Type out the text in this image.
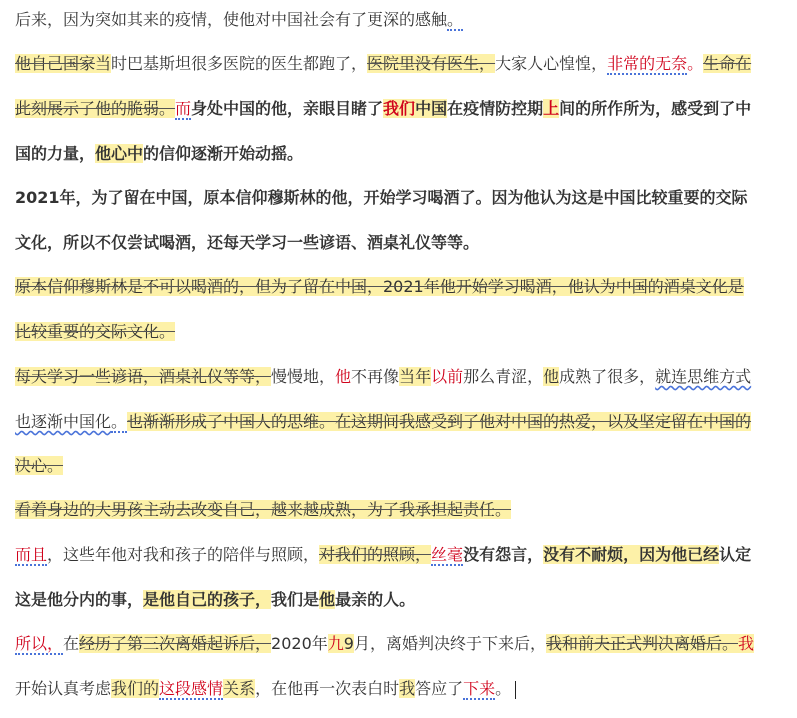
后来，因为突如其来的疫情，使他对中国社会有了更深的感触。
他自己国家当时巴基斯坦很多医院的医生都跑了，医院里没有医生，大家人心惶惶，非常的无奈。生命在
此刻展示了他的脆弱。而身处中国的他，亲眼目睹了我们中国在疫情防控期上间的所作所为，感受到了中
国的力量，他心中的信仰逐渐开始动摇。
2021年，为了留在中国，原本信仰穆斯林的他，开始学习喝酒了。因为他认为这是中国比较重要的交际
文化，所以不仅尝试喝酒，还每天学习一些谚语、酒桌礼仪等等。
原本信仰穆斯林是不可以喝酒的，但为了留在中国，2021年他开始学习喝酒，他认为中国的酒桌文化是
比较重要的交际文化。
每天学习一些谚语，酒桌礼仪等等，慢慢地，他不再像当年以前那么青涩，他成熟了很多，就连思维方式
也逐渐中国化。也渐渐形成了中国人的思维。在这期间我感受到了他对中国的热爱，以及坚定留在中国的
决心。
看着身边的大男孩主动去改变自己，越来越成熟，为了我承担起责任。
而且，这些年他对我和孩子的陪伴与照顾，对我们的照顾，丝毫没有怨言，没有不耐烦，因为他已经认定
这是他分内的事，是他自己的孩子，我们是他最亲的人。
所以，在经历了第三次离婚起诉后，2020年九9月，离婚判决终于下来后，我和前夫正式判决离婚后。我
开始认真考虑我们的这段感情关系，在他再一次表白时我答应了下来。
